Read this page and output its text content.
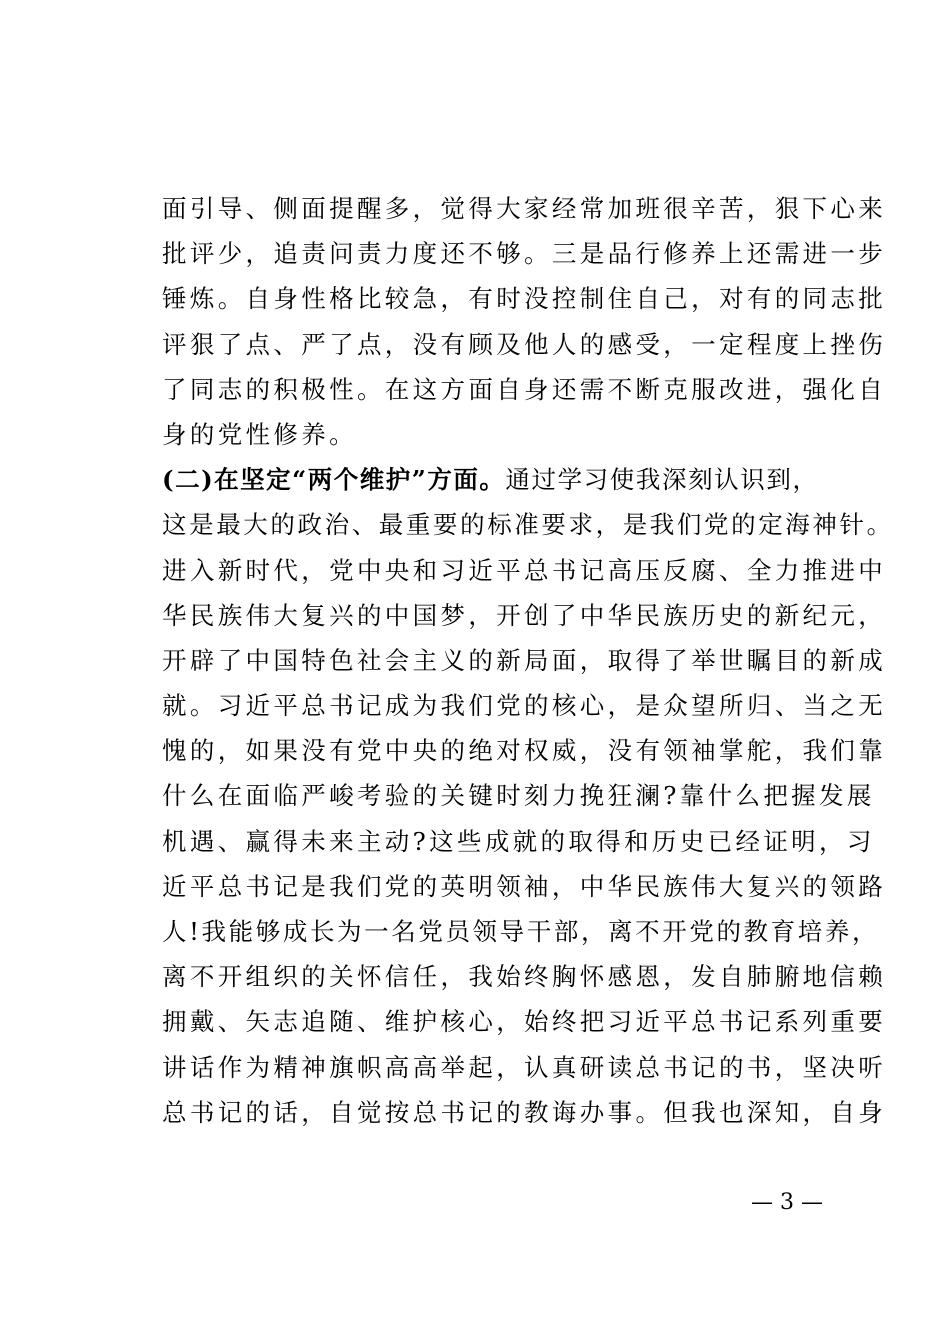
面引导、侧面提醒多，觉得大家经常加班很辛苦，狠下心来
批评少，追责问责力度还不够。三是品行修养上还需进一步
锤炼。自身性格比较急，有时没控制住自己，对有的同志批
评狠了点、严了点，没有顾及他人的感受，一定程度上挫伤
了同志的积极性。在这方面自身还需不断克服改进，强化自
身的党性修养。
(二)在坚定“两个维护”方面。通过学习使我深刻认识到，
这是最大的政治、最重要的标准要求，是我们党的定海神针。
进入新时代，党中央和习近平总书记高压反腐、全力推进中
华民族伟大复兴的中国梦，开创了中华民族历史的新纪元，
开辟了中国特色社会主义的新局面，取得了举世瞩目的新成
就。习近平总书记成为我们党的核心，是众望所归、当之无
愧的，如果没有党中央的绝对权威，没有领袖掌舵，我们靠
什么在面临严峻考验的关键时刻力挽狂澜?靠什么把握发展
机遇、赢得未来主动?这些成就的取得和历史已经证明，习
近平总书记是我们党的英明领袖，中华民族伟大复兴的领路
人!我能够成长为一名党员领导干部，离不开党的教育培养，
离不开组织的关怀信任，我始终胸怀感恩，发自肺腑地信赖
拥戴、矢志追随、维护核心，始终把习近平总书记系列重要
讲话作为精神旗帜高高举起，认真研读总书记的书，坚决听
总书记的话，自觉按总书记的教诲办事。但我也深知，自身
— 3 —
